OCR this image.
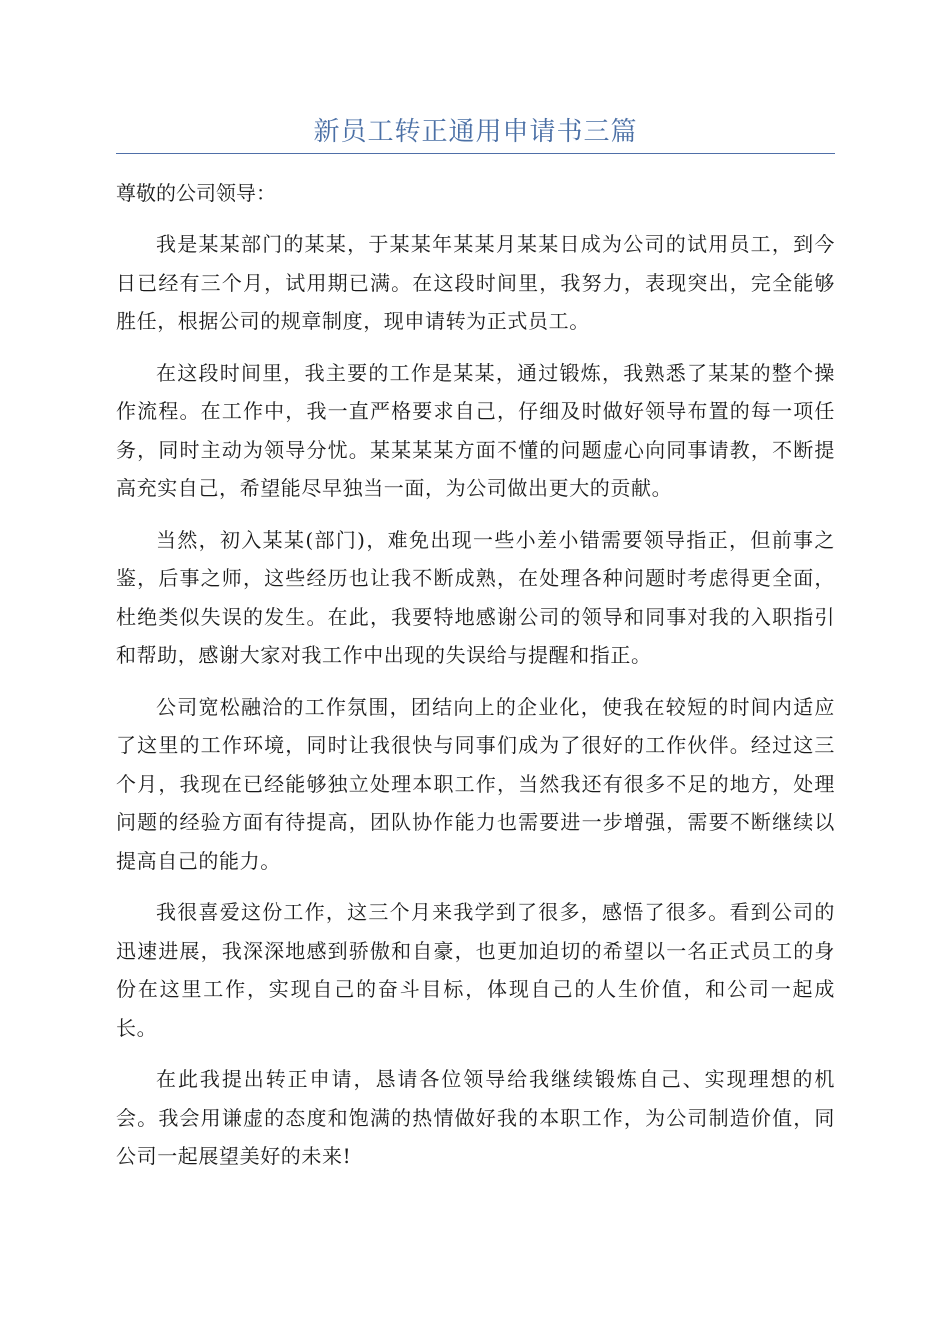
新员工转正通用申请书三篇

尊敬的公司领导：

我是某某部门的某某，于某某年某某月某某日成为公司的试用员工，到今日已经有三个月，试用期已满。在这段时间里，我努力，表现突出，完全能够胜任，根据公司的规章制度，现申请转为正式员工。

在这段时间里，我主要的工作是某某，通过锻炼，我熟悉了某某的整个操作流程。在工作中，我一直严格要求自己，仔细及时做好领导布置的每一项任务，同时主动为领导分忧。某某某某方面不懂的问题虚心向同事请教，不断提高充实自己，希望能尽早独当一面，为公司做出更大的贡献。

当然，初入某某(部门)，难免出现一些小差小错需要领导指正，但前事之鉴，后事之师，这些经历也让我不断成熟，在处理各种问题时考虑得更全面，杜绝类似失误的发生。在此，我要特地感谢公司的领导和同事对我的入职指引和帮助，感谢大家对我工作中出现的失误给与提醒和指正。

公司宽松融洽的工作氛围，团结向上的企业化，使我在较短的时间内适应了这里的工作环境，同时让我很快与同事们成为了很好的工作伙伴。经过这三个月，我现在已经能够独立处理本职工作，当然我还有很多不足的地方，处理问题的经验方面有待提高，团队协作能力也需要进一步增强，需要不断继续以提高自己的能力。

我很喜爱这份工作，这三个月来我学到了很多，感悟了很多。看到公司的迅速进展，我深深地感到骄傲和自豪，也更加迫切的希望以一名正式员工的身份在这里工作，实现自己的奋斗目标，体现自己的人生价值，和公司一起成长。

在此我提出转正申请，恳请各位领导给我继续锻炼自己、实现理想的机会。我会用谦虚的态度和饱满的热情做好我的本职工作，为公司制造价值，同公司一起展望美好的未来!
